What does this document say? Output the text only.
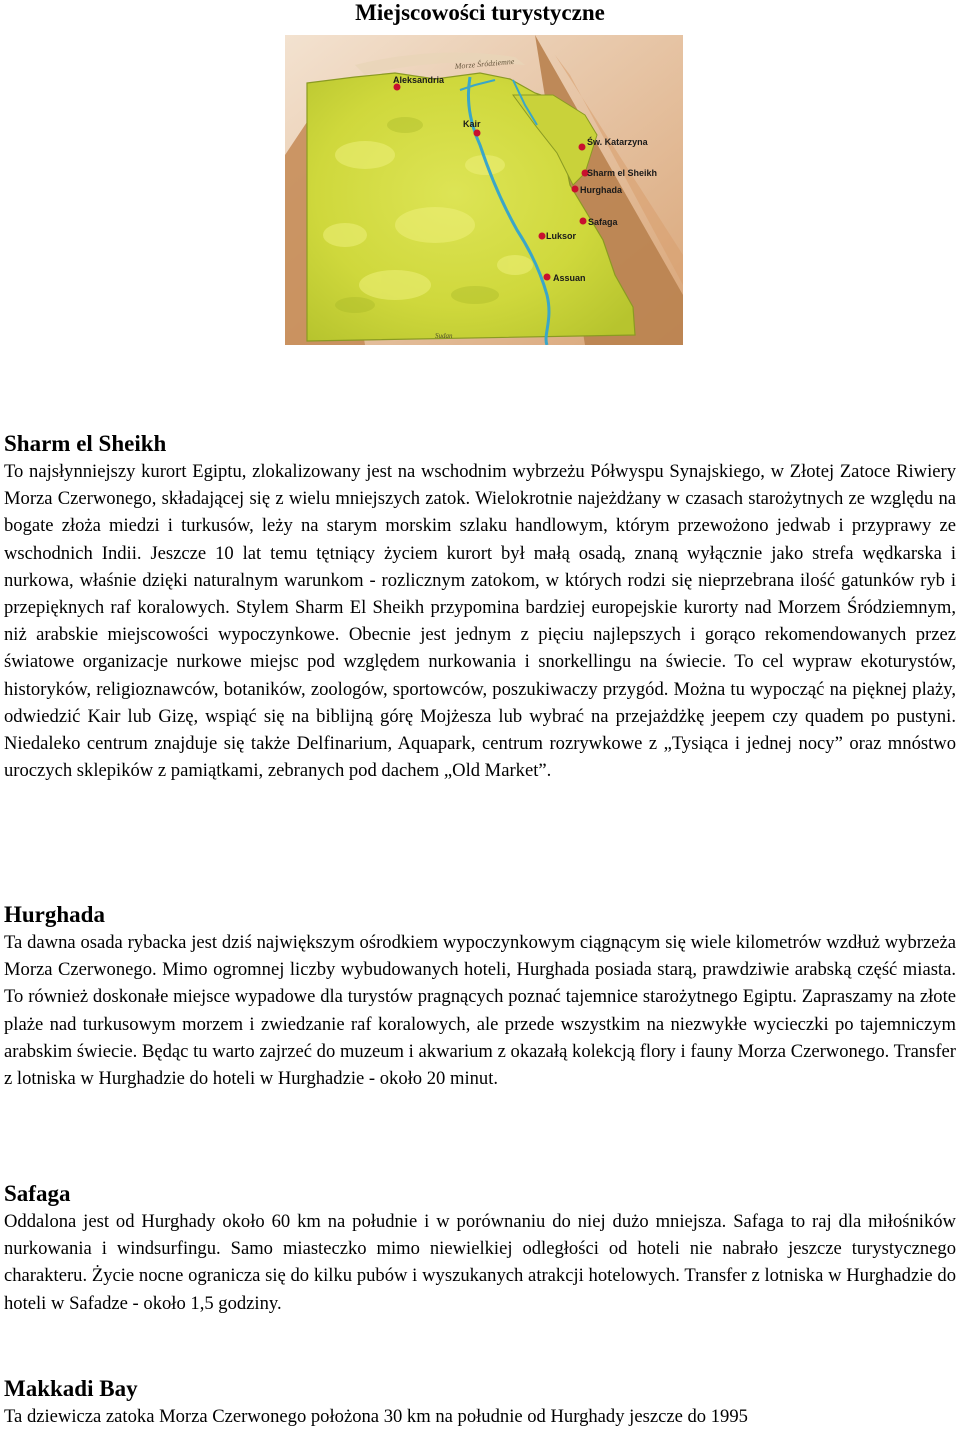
Miejscowości turystyczne
Aleksandria
Kair
Św. Katarzyna
Sharm el Sheikh
Hurghada
Safaga
Luksor
Assuan
Morze Śródziemne
Sudan
Sharm el Sheikh

To najsłynniejszy kurort Egiptu, zlokalizowany jest na wschodnim wybrzeżu Półwyspu Synajskiego, w Złotej Zatoce Riwiery Morza Czerwonego, składającej się z wielu mniejszych zatok. Wielokrotnie najeżdżany w czasach starożytnych ze względu na bogate złoża miedzi i turkusów, leży na starym morskim szlaku handlowym, którym przewożono jedwab i przyprawy ze wschodnich Indii. Jeszcze 10 lat temu tętniący życiem kurort był małą osadą, znaną wyłącznie jako strefa wędkarska i nurkowa, właśnie dzięki naturalnym warunkom - rozlicznym zatokom, w których rodzi się nieprzebrana ilość gatunków ryb i przepięknych raf koralowych. Stylem Sharm El Sheikh przypomina bardziej europejskie kurorty nad Morzem Śródziemnym, niż arabskie miejscowości wypoczynkowe. Obecnie jest jednym z pięciu najlepszych i gorąco rekomendowanych przez światowe organizacje nurkowe miejsc pod względem nurkowania i snorkellingu na świecie. To cel wypraw ekoturystów, historyków, religioznawców, botaników, zoologów, sportowców, poszukiwaczy przygód. Można tu wypocząć na pięknej plaży, odwiedzić Kair lub Gizę, wspiąć się na biblijną górę Mojżesza lub wybrać na przejażdżkę jeepem czy quadem po pustyni. Niedaleko centrum znajduje się także Delfinarium, Aquapark, centrum rozrywkowe z „Tysiąca i jednej nocy” oraz mnóstwo uroczych sklepików z pamiątkami, zebranych pod dachem „Old Market”.

Hurghada

Ta dawna osada rybacka jest dziś największym ośrodkiem wypoczynkowym ciągnącym się wiele kilometrów wzdłuż wybrzeża Morza Czerwonego. Mimo ogromnej liczby wybudowanych hoteli, Hurghada posiada starą, prawdziwie arabską część miasta. To również doskonałe miejsce wypadowe dla turystów pragnących poznać tajemnice starożytnego Egiptu. Zapraszamy na złote plaże nad turkusowym morzem i zwiedzanie raf koralowych, ale przede wszystkim na niezwykłe wycieczki po tajemniczym arabskim świecie. Będąc tu warto zajrzeć do muzeum i akwarium z okazałą kolekcją flory i fauny Morza Czerwonego. Transfer z lotniska w Hurghadzie do hoteli w Hurghadzie - około 20 minut.

Safaga

Oddalona jest od Hurghady około 60 km na południe i w porównaniu do niej dużo mniejsza. Safaga to raj dla miłośników nurkowania i windsurfingu. Samo miasteczko mimo niewielkiej odległości od hoteli nie nabrało jeszcze turystycznego charakteru. Życie nocne ogranicza się do kilku pubów i wyszukanych atrakcji hotelowych. Transfer z lotniska w Hurghadzie do hoteli w Safadze - około 1,5 godziny.

Makkadi Bay

Ta dziewicza zatoka Morza Czerwonego położona 30 km na południe od Hurghady jeszcze do 1995
